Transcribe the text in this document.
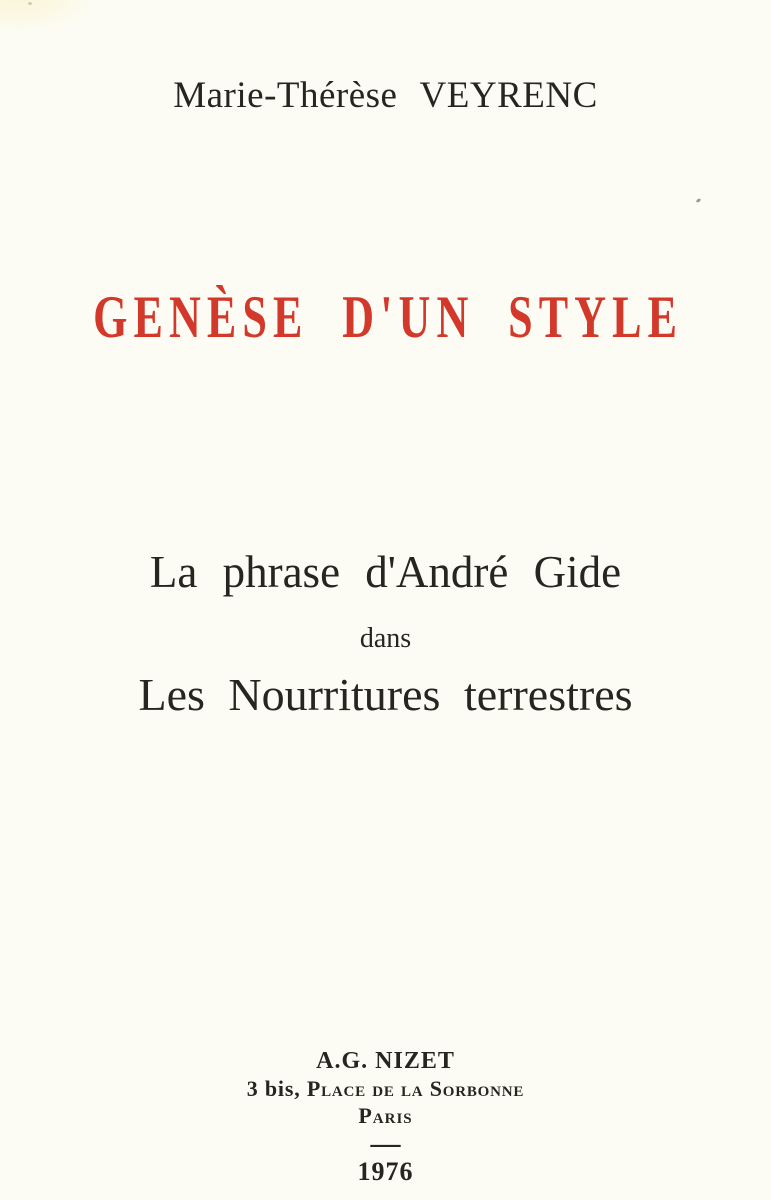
Marie-Thérèse VEYRENC
GENÈSE D'UN STYLE
La phrase d'André Gide
dans
Les Nourritures terrestres
A.G. NIZET
3 bis, Place de la Sorbonne
Paris
—
1976
